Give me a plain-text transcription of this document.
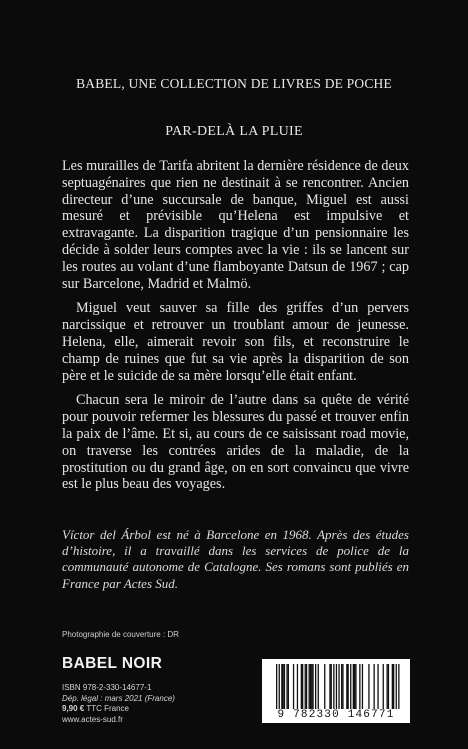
BABEL, UNE COLLECTION DE LIVRES DE POCHE
PAR-DELÀ LA PLUIE

Les murailles de Tarifa abritent la dernière résidence de deux septuagénaires que rien ne destinait à se rencontrer. Ancien directeur d’une succursale de banque, Miguel est aussi mesuré et prévisible qu’Helena est impulsive et extravagante. La disparition tragique d’un pensionnaire les décide à solder leurs comptes avec la vie : ils se lancent sur les routes au volant d’une flamboyante Datsun de 1967 ; cap sur Barcelone, Madrid et Malmö.

Miguel veut sauver sa fille des griffes d’un pervers narcissique et retrouver un troublant amour de jeunesse. Helena, elle, aimerait revoir son fils, et reconstruire le champ de ruines que fut sa vie après la disparition de son père et le suicide de sa mère lorsqu’elle était enfant.

Chacun sera le miroir de l’autre dans sa quête de vérité pour pouvoir refermer les blessures du passé et trouver enfin la paix de l’âme. Et si, au cours de ce saisissant road movie, on traverse les contrées arides de la maladie, de la prostitution ou du grand âge, on en sort convaincu que vivre est le plus beau des voyages.

Víctor del Árbol est né à Barcelone en 1968. Après des études d’histoire, il a travaillé dans les services de police de la communauté autonome de Catalogne. Ses romans sont publiés en France par Actes Sud.
Photographie de couverture : DR
BABEL NOIR
ISBN 978-2-330-14677-1
Dép. légal : mars 2021 (France)
9,90 € TTC France
www.actes-sud.fr	9 782330 146771
